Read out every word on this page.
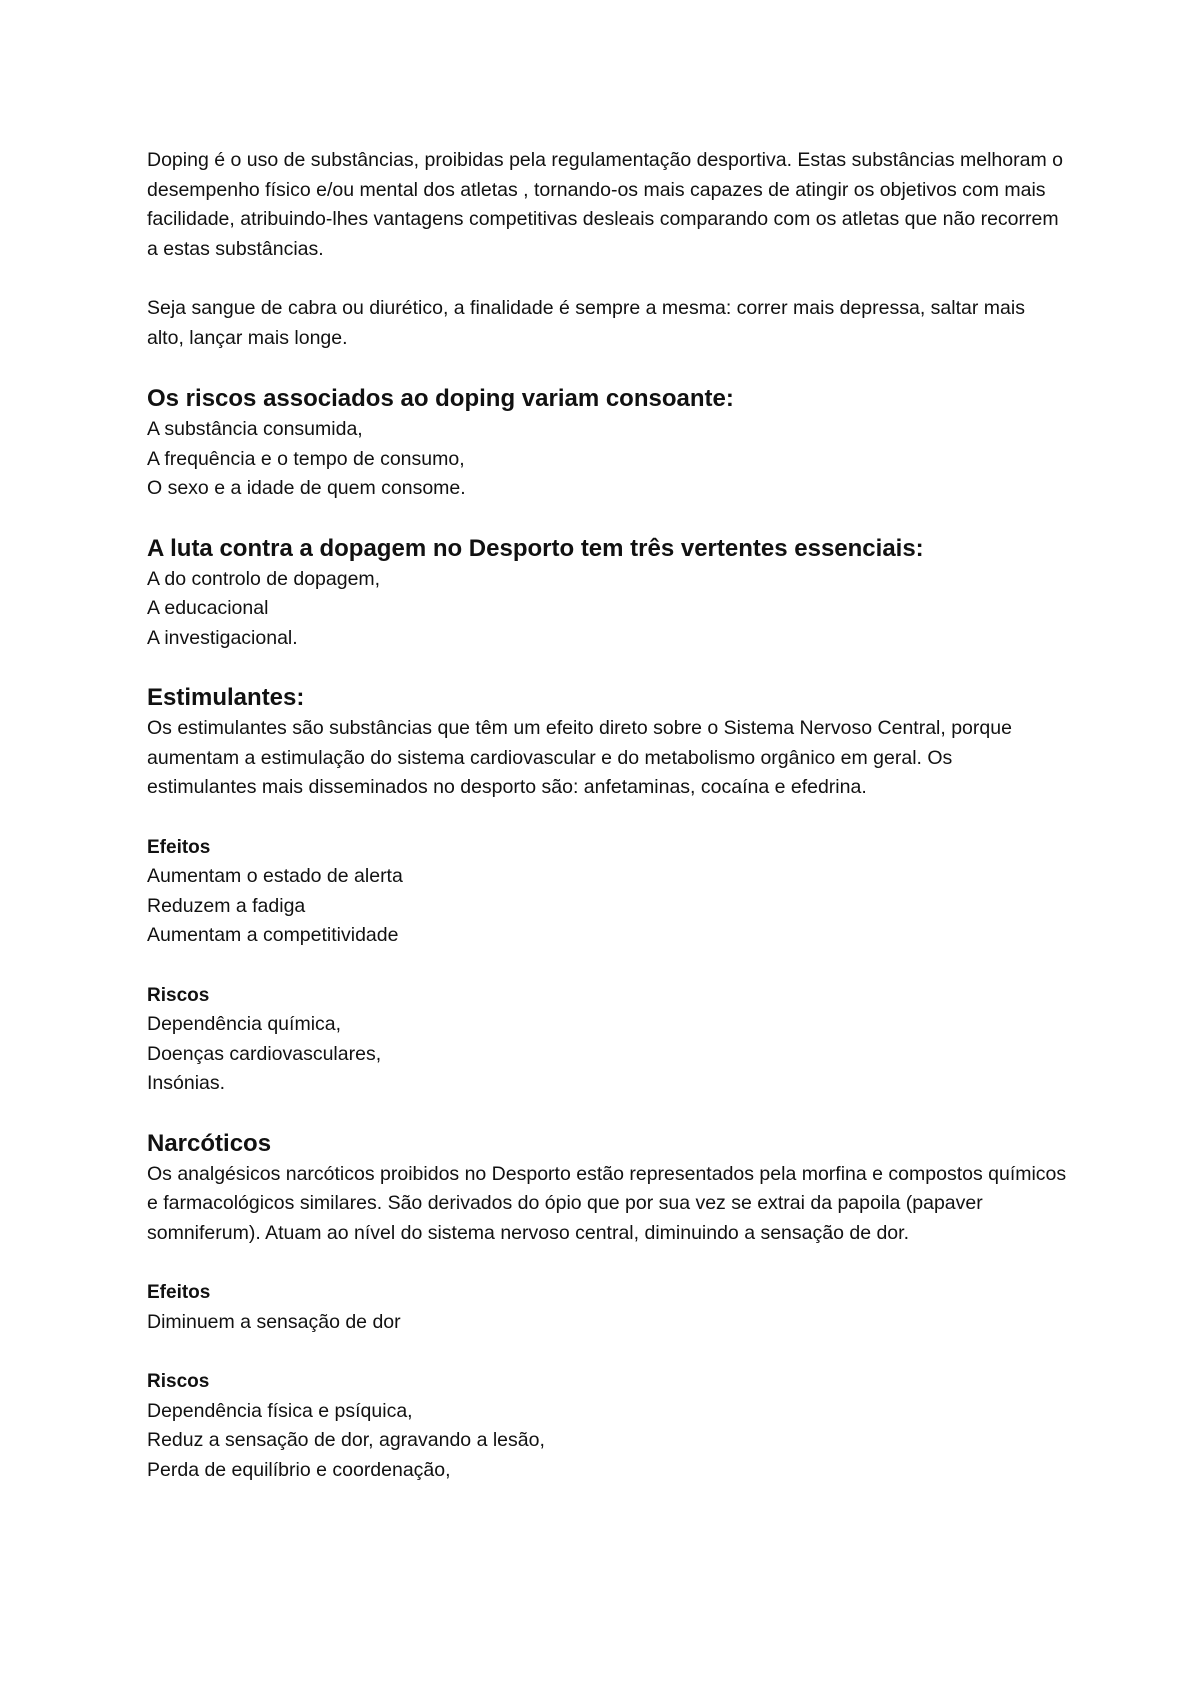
Doping é o uso de substâncias, proibidas pela regulamentação desportiva. Estas substâncias melhoram o desempenho físico e/ou mental dos atletas , tornando-os mais capazes de atingir os objetivos com mais facilidade, atribuindo-lhes vantagens competitivas desleais comparando com os atletas que não recorrem a estas substâncias.

Seja sangue de cabra ou diurético, a finalidade é sempre a mesma: correr mais depressa, saltar mais alto, lançar mais longe.

Os riscos associados ao doping variam consoante:
A substância consumida,
A frequência e o tempo de consumo,
O sexo e a idade de quem consome.
A luta contra a dopagem no Desporto tem três vertentes essenciais:
A do controlo de dopagem,
A educacional
A investigacional.
Estimulantes:

Os estimulantes são substâncias que têm um efeito direto sobre o Sistema Nervoso Central, porque aumentam a estimulação do sistema cardiovascular e do metabolismo orgânico em geral. Os estimulantes mais disseminados no desporto são: anfetaminas, cocaína e efedrina.

Efeitos

Aumentam o estado de alerta
Reduzem a fadiga
Aumentam a competitividade

Riscos

Dependência química,
Doenças cardiovasculares,
Insónias.
Narcóticos

Os analgésicos narcóticos proibidos no Desporto estão representados pela morfina e compostos químicos e farmacológicos similares. São derivados do ópio que por sua vez se extrai da papoila (papaver somniferum). Atuam ao nível do sistema nervoso central, diminuindo a sensação de dor.

Efeitos

Diminuem a sensação de dor

Riscos

Dependência física e psíquica,
Reduz a sensação de dor, agravando a lesão,
Perda de equilíbrio e coordenação,
